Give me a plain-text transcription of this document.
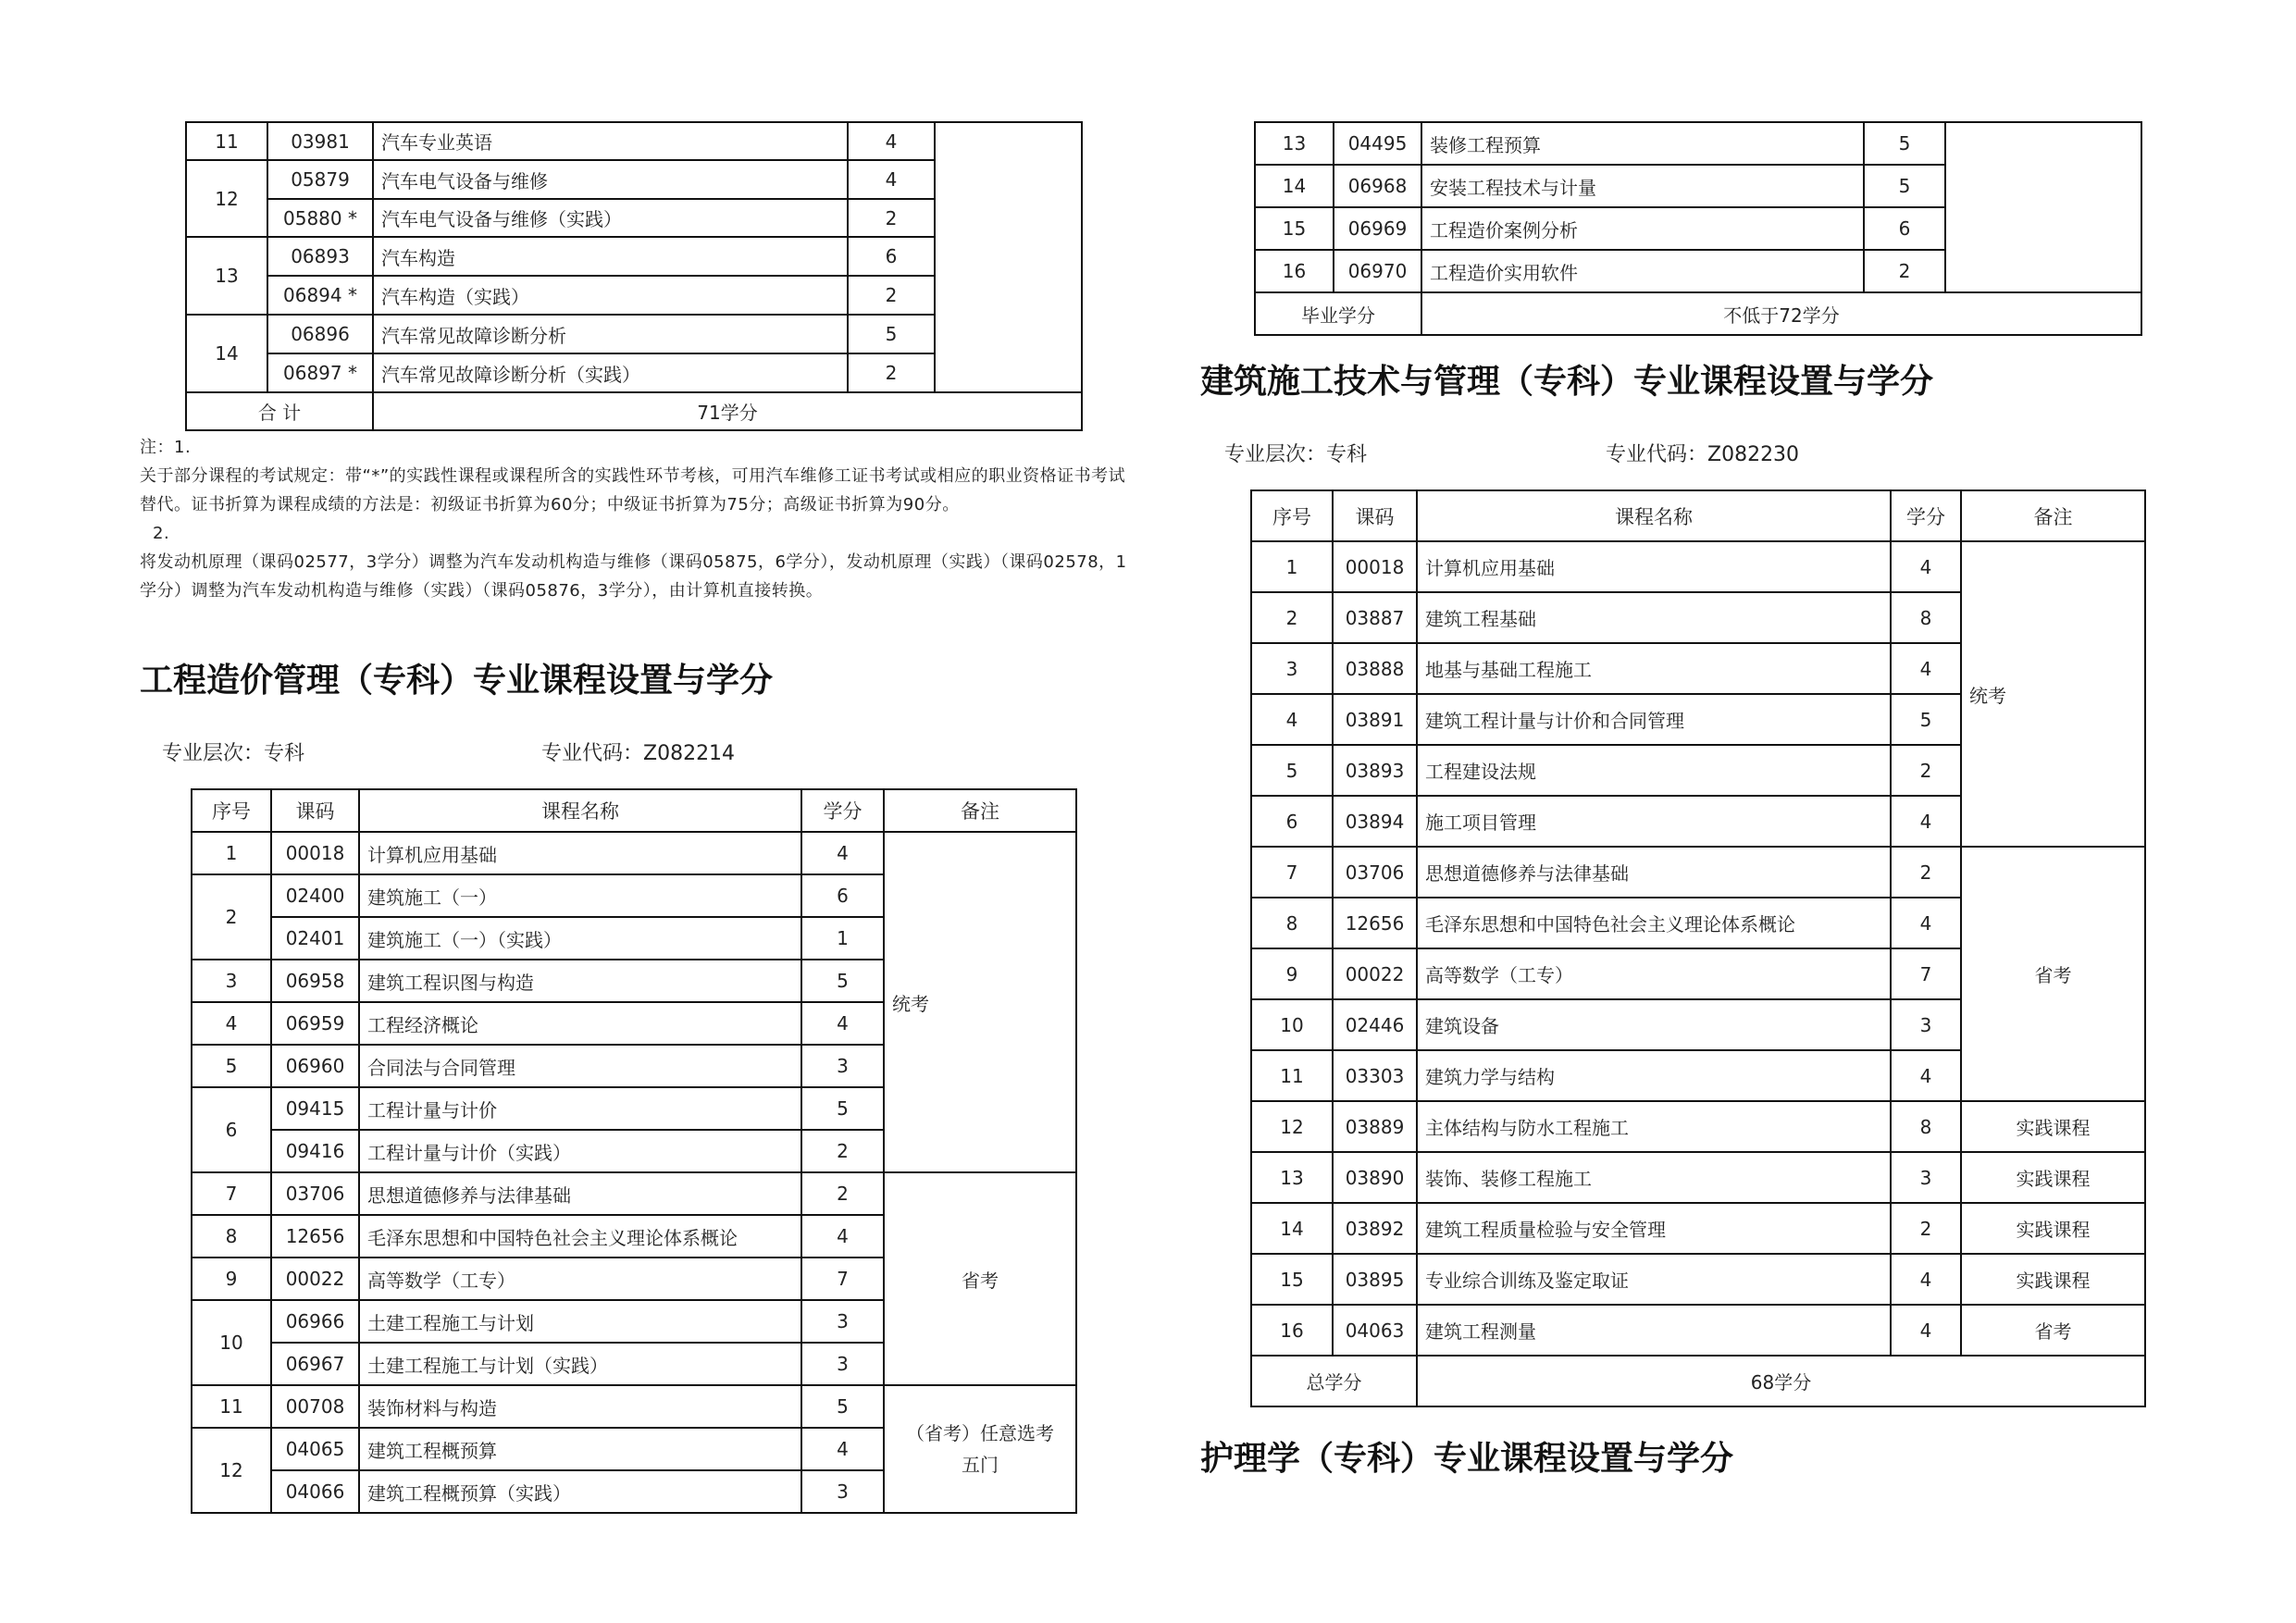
11	03981	汽车专业英语	4	
12	05879	汽车电气设备与维修	4	
	05880 *	汽车电气设备与维修（实践）	2	
13	06893	汽车构造	6	
	06894 *	汽车构造（实践）	2	
14	06896	汽车常见故障诊断分析	5	
	06897 *	汽车常见故障诊断分析（实践）	2	
合 计		71学分		
注：1.
关于部分课程的考试规定：带“*”的实践性课程或课程所含的实践性环节考核，可用汽车维修工证书考试或相应的职业资格证书考试替代。证书折算为课程成绩的方法是：初级证书折算为60分；中级证书折算为75分；高级证书折算为90分。
2.
将发动机原理（课码02577，3学分）调整为汽车发动机构造与维修（课码05875，6学分），发动机原理（实践）（课码02578，1学分）调整为汽车发动机构造与维修（实践）（课码05876，3学分），由计算机直接转换。
工程造价管理（专科）专业课程设置与学分
专业层次：专科	专业代码：Z082214
序号	课码	课程名称	学分	备注
1	00018	计算机应用基础	4	统考
2	02400	建筑施工（一）	6	
	02401	建筑施工（一）（实践）	1	
3	06958	建筑工程识图与构造	5	
4	06959	工程经济概论	4	
5	06960	合同法与合同管理	3	
6	09415	工程计量与计价	5	
	09416	工程计量与计价（实践）	2	
7	03706	思想道德修养与法律基础	2	省考
8	12656	毛泽东思想和中国特色社会主义理论体系概论	4	
9	00022	高等数学（工专）	7	
10	06966	土建工程施工与计划	3	
	06967	土建工程施工与计划（实践）	3	
11	00708	装饰材料与构造	5	（省考）任意选考五门
12	04065	建筑工程概预算	4	
	04066	建筑工程概预算（实践）	3	
13	04495	装修工程预算	5	
14	06968	安装工程技术与计量	5	
15	06969	工程造价案例分析	6	
16	06970	工程造价实用软件	2	
毕业学分		不低于72学分		
建筑施工技术与管理（专科）专业课程设置与学分
专业层次：专科	专业代码：Z082230
序号	课码	课程名称	学分	备注
1	00018	计算机应用基础	4	统考
2	03887	建筑工程基础	8	
3	03888	地基与基础工程施工	4	
4	03891	建筑工程计量与计价和合同管理	5	
5	03893	工程建设法规	2	
6	03894	施工项目管理	4	
7	03706	思想道德修养与法律基础	2	省考
8	12656	毛泽东思想和中国特色社会主义理论体系概论	4	
9	00022	高等数学（工专）	7	
10	02446	建筑设备	3	
11	03303	建筑力学与结构	4	
12	03889	主体结构与防水工程施工	8	实践课程
13	03890	装饰、装修工程施工	3	实践课程
14	03892	建筑工程质量检验与安全管理	2	实践课程
15	03895	专业综合训练及鉴定取证	4	实践课程
16	04063	建筑工程测量	4	省考
总学分		68学分		
护理学（专科）专业课程设置与学分
